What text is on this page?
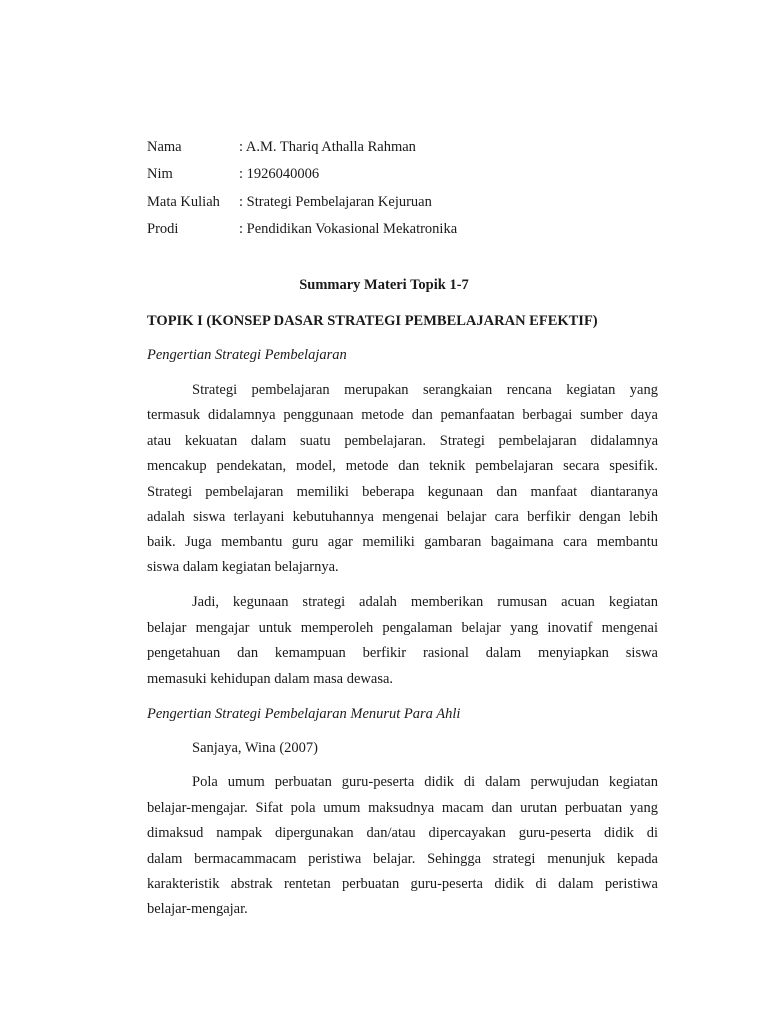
Nama	: A.M. Thariq Athalla Rahman
Nim	: 1926040006
Mata Kuliah : Strategi Pembelajaran Kejuruan
Prodi	: Pendidikan Vokasional Mekatronika
Summary Materi Topik 1-7
TOPIK I (KONSEP DASAR STRATEGI PEMBELAJARAN EFEKTIF)
Pengertian Strategi Pembelajaran
Strategi pembelajaran merupakan serangkaian rencana kegiatan yang
termasuk didalamnya penggunaan metode dan pemanfaatan berbagai sumber daya
atau kekuatan dalam suatu pembelajaran. Strategi pembelajaran didalamnya
mencakup pendekatan, model, metode dan teknik pembelajaran secara spesifik.
Strategi pembelajaran memiliki beberapa kegunaan dan manfaat diantaranya
adalah siswa terlayani kebutuhannya mengenai belajar cara berfikir dengan lebih
baik. Juga membantu guru agar memiliki gambaran bagaimana cara membantu
siswa dalam kegiatan belajarnya.
Jadi, kegunaan strategi adalah memberikan rumusan acuan kegiatan
belajar mengajar untuk memperoleh pengalaman belajar yang inovatif mengenai
pengetahuan dan kemampuan berfikir rasional dalam menyiapkan siswa
memasuki kehidupan dalam masa dewasa.
Pengertian Strategi Pembelajaran Menurut Para Ahli
Sanjaya, Wina (2007)
Pola umum perbuatan guru-peserta didik di dalam perwujudan kegiatan
belajar-mengajar. Sifat pola umum maksudnya macam dan urutan perbuatan yang
dimaksud nampak dipergunakan dan/atau dipercayakan guru-peserta didik di
dalam bermacammacam peristiwa belajar. Sehingga strategi menunjuk kepada
karakteristik abstrak rentetan perbuatan guru-peserta didik di dalam peristiwa
belajar-mengajar.
